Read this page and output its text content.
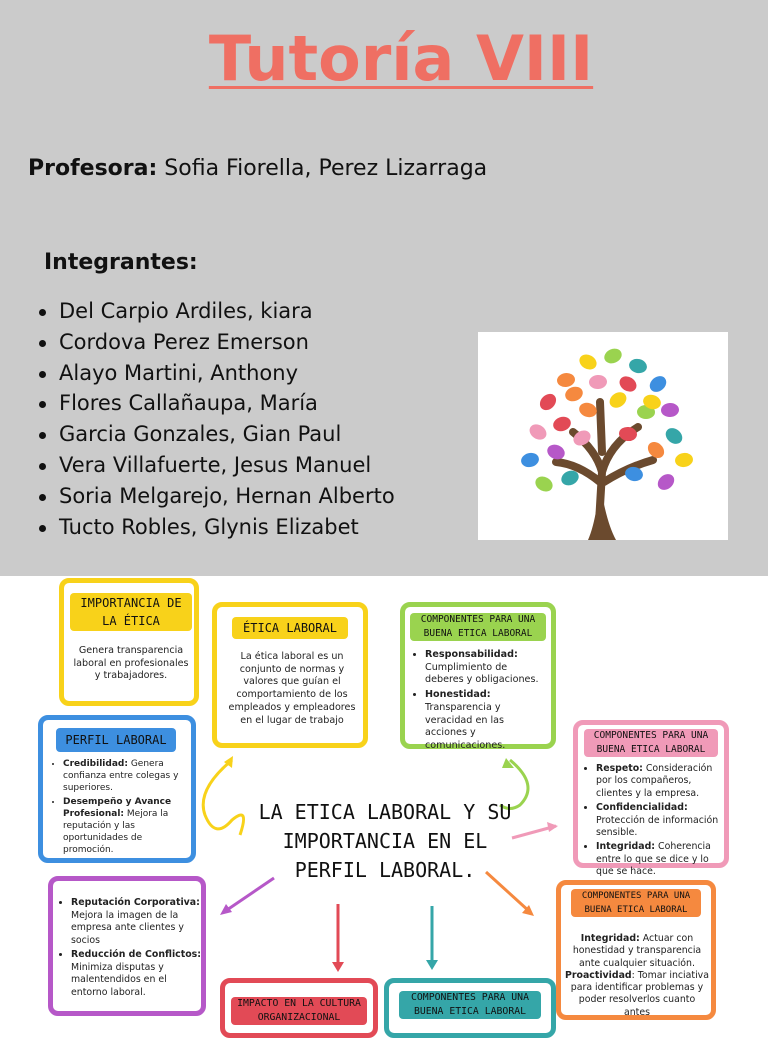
Tutoría VIII
Profesora: Sofia Fiorella, Perez Lizarraga
Integrantes:
Del Carpio Ardiles, kiara
Cordova Perez Emerson
Alayo Martini, Anthony
Flores Callañaupa, María
Garcia Gonzales, Gian Paul
Vera Villafuerte, Jesus Manuel
Soria Melgarejo, Hernan Alberto
Tucto Robles, Glynis Elizabet
LA ETICA LABORAL Y SU IMPORTANCIA EN EL PERFIL LABORAL.
IMPORTANCIA DE LA ÉTICA
Genera transparencia laboral en profesionales y trabajadores.
ÉTICA LABORAL
La ética laboral es un conjunto de normas y valores que guían el comportamiento de los empleados y empleadores en el lugar de trabajo
COMPONENTES PARA UNA BUENA ETICA LABORAL
• Responsabilidad:
Cumplimiento de deberes y obligaciones.
• Honestidad:
Transparencia y veracidad en las acciones y comunicaciones.
PERFIL LABORAL
• Credibilidad: Genera confianza entre colegas y superiores.
• Desempeño y Avance Profesional: Mejora la reputación y las oportunidades de promoción.
COMPONENTES PARA UNA BUENA ETICA LABORAL
• Respeto: Consideración por los compañeros, clientes y la empresa.
• Confidencialidad: Protección de información sensible.
• Integridad: Coherencia entre lo que se dice y lo que se hace.
• Reputación Corporativa:
Mejora la imagen de la empresa ante clientes y socios
• Reducción de Conflictos:
Minimiza disputas y malentendidos en el entorno laboral.
COMPONENTES PARA UNA BUENA ETICA LABORAL
Integridad: Actuar con honestidad y transparencia ante cualquier situación.
Proactividad: Tomar inciativa para identificar problemas y poder resolverlos cuanto antes
IMPACTO EN LA CULTURA ORGANIZACIONAL
COMPONENTES PARA UNA BUENA ETICA LABORAL
